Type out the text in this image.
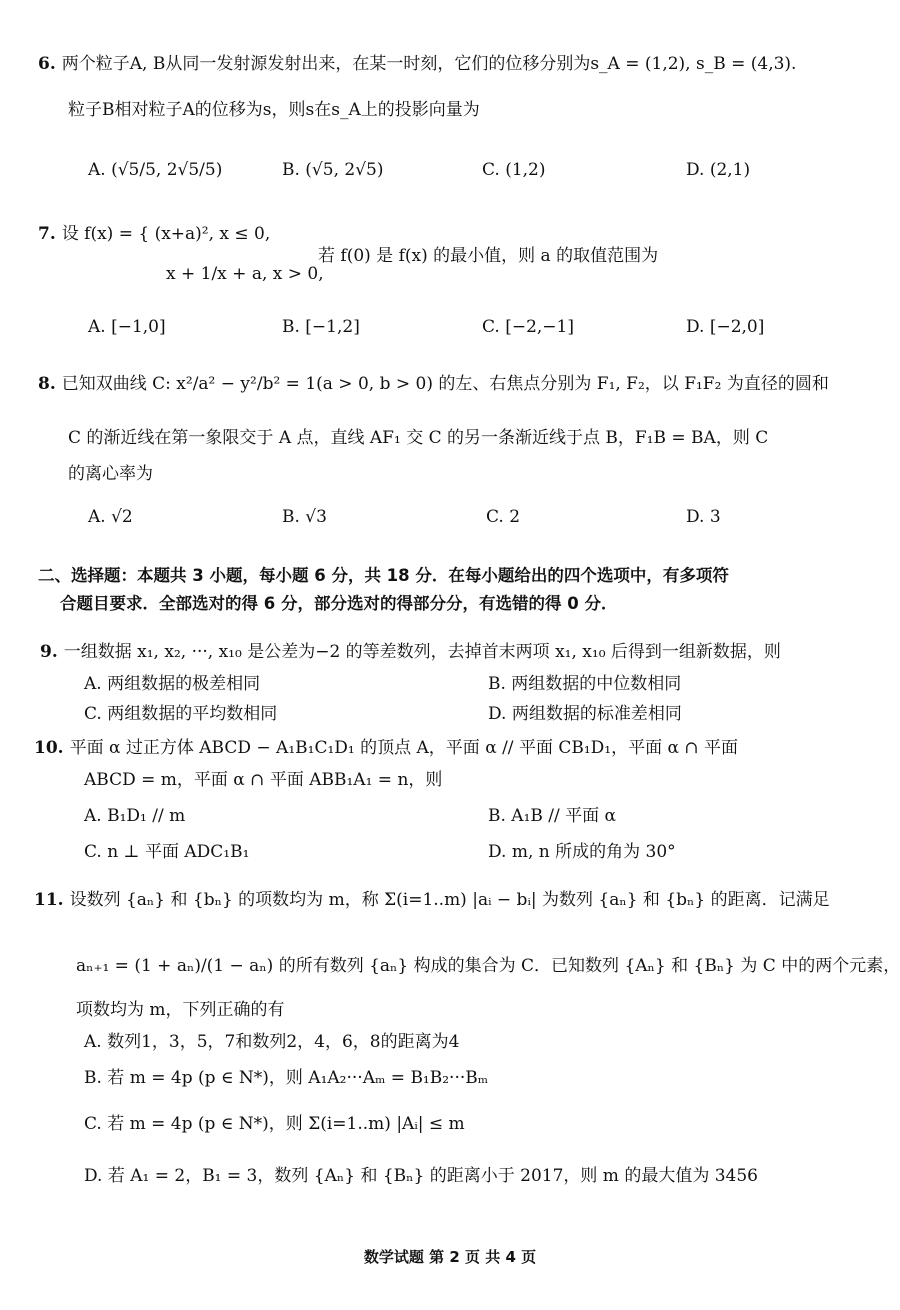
6. 两个粒子A, B从同一发射源发射出来，在某一时刻，它们的位移分别为s_A = (1,2), s_B = (4,3).
粒子B相对粒子A的位移为s，则s在s_A上的投影向量为
A. (√5/5, 2√5/5)	B. (√5, 2√5)	C. (1,2)	D. (2,1)
7. 设 f(x) = { (x+a)², x ≤ 0,
x + 1/x + a, x > 0,
若 f(0) 是 f(x) 的最小值，则 a 的取值范围为
A. [−1,0]	B. [−1,2]	C. [−2,−1]	D. [−2,0]
8. 已知双曲线 C: x²/a² − y²/b² = 1(a > 0, b > 0) 的左、右焦点分别为 F₁, F₂，以 F₁F₂ 为直径的圆和
C 的渐近线在第一象限交于 A 点，直线 AF₁ 交 C 的另一条渐近线于点 B，F₁B = BA，则 C
的离心率为
A. √2	B. √3	C. 2	D. 3
二、选择题：本题共 3 小题，每小题 6 分，共 18 分．在每小题给出的四个选项中，有多项符
合题目要求．全部选对的得 6 分，部分选对的得部分分，有选错的得 0 分．
9. 一组数据 x₁, x₂, ···, x₁₀ 是公差为−2 的等差数列，去掉首末两项 x₁, x₁₀ 后得到一组新数据，则
A. 两组数据的极差相同	B. 两组数据的中位数相同
C. 两组数据的平均数相同	D. 两组数据的标准差相同
10. 平面 α 过正方体 ABCD − A₁B₁C₁D₁ 的顶点 A，平面 α // 平面 CB₁D₁，平面 α ∩ 平面
ABCD = m，平面 α ∩ 平面 ABB₁A₁ = n，则
A. B₁D₁ // m	B. A₁B // 平面 α
C. n ⊥ 平面 ADC₁B₁	D. m, n 所成的角为 30°
11. 设数列 {aₙ} 和 {bₙ} 的项数均为 m，称 Σ(i=1..m) |aᵢ − bᵢ| 为数列 {aₙ} 和 {bₙ} 的距离．记满足
aₙ₊₁ = (1 + aₙ)/(1 − aₙ) 的所有数列 {aₙ} 构成的集合为 C．已知数列 {Aₙ} 和 {Bₙ} 为 C 中的两个元素，
项数均为 m，下列正确的有
A. 数列1，3，5，7和数列2，4，6，8的距离为4
B. 若 m = 4p (p ∈ N*)，则 A₁A₂···Aₘ = B₁B₂···Bₘ
C. 若 m = 4p (p ∈ N*)，则 Σ(i=1..m) |Aᵢ| ≤ m
D. 若 A₁ = 2，B₁ = 3，数列 {Aₙ} 和 {Bₙ} 的距离小于 2017，则 m 的最大值为 3456
数学试题 第 2 页 共 4 页
